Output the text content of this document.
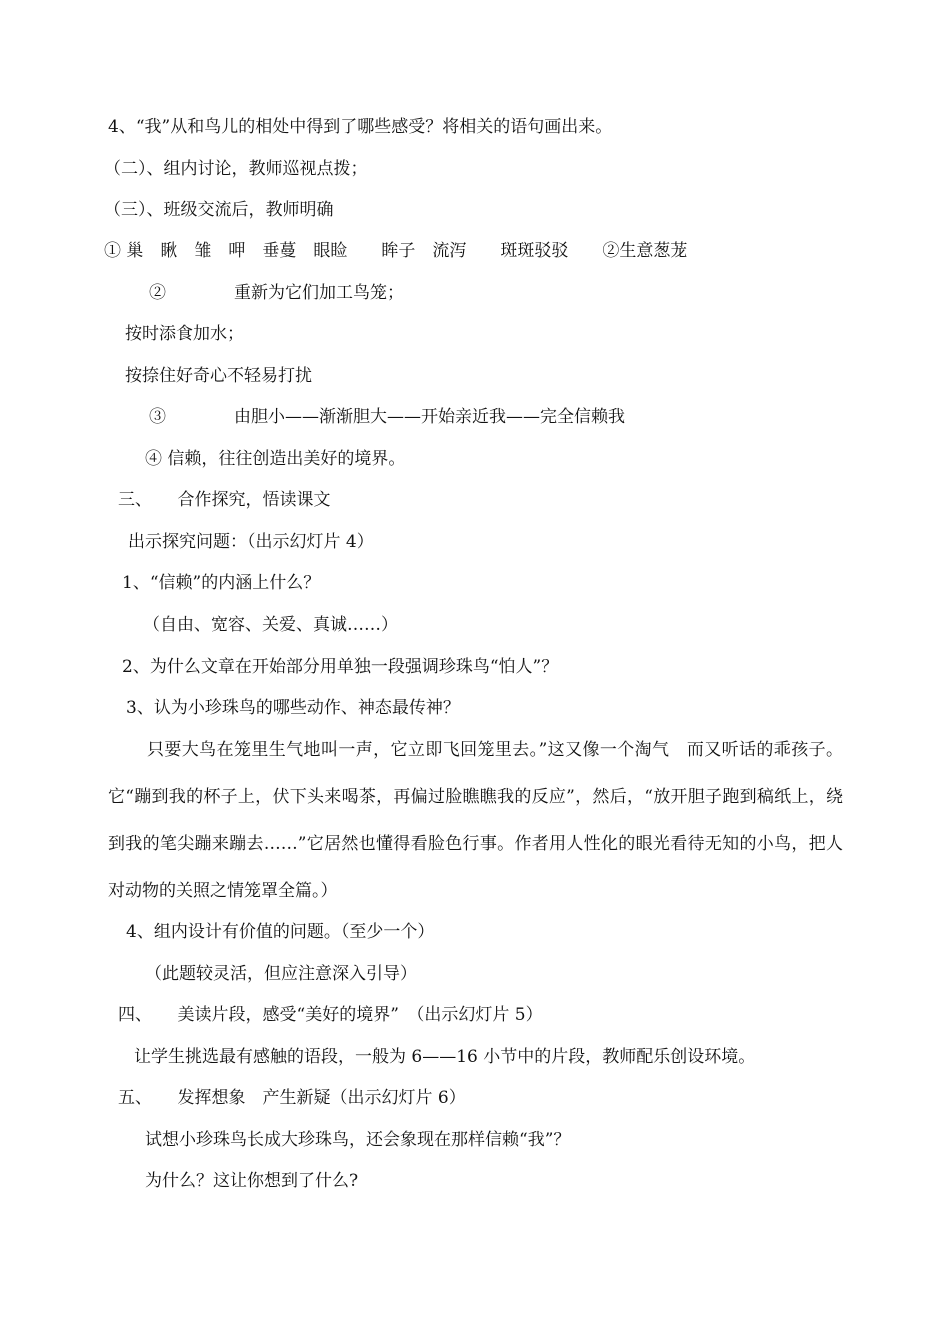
4、“我”从和鸟儿的相处中得到了哪些感受？将相关的语句画出来。
（二）、组内讨论，教师巡视点拨；
（三）、班级交流后，教师明确
① 巢　瞅　雏　呷　垂蔓　眼睑　　眸子　流泻　　斑斑驳驳　　②生意葱茏
②　　　　重新为它们加工鸟笼；
按时添食加水；
按捺住好奇心不轻易打扰
③　　　　由胆小——渐渐胆大——开始亲近我——完全信赖我
④ 信赖，往往创造出美好的境界。
三、　　合作探究，悟读课文
出示探究问题：（出示幻灯片 4）
1、“信赖”的内涵上什么？
（自由、宽容、关爱、真诚……）
2、为什么文章在开始部分用单独一段强调珍珠鸟“怕人”？
3、认为小珍珠鸟的哪些动作、神态最传神？
只要大鸟在笼里生气地叫一声，它立即飞回笼里去。”这又像一个淘气　而又听话的乖孩子。它“蹦到我的杯子上，伏下头来喝茶，再偏过脸瞧瞧我的反应”，然后，“放开胆子跑到稿纸上，绕到我的笔尖蹦来蹦去……”它居然也懂得看脸色行事。作者用人性化的眼光看待无知的小鸟，把人对动物的关照之情笼罩全篇。）
4、组内设计有价值的问题。（至少一个）
（此题较灵活，但应注意深入引导）
四、　　美读片段，感受“美好的境界”　（出示幻灯片 5）
让学生挑选最有感触的语段，一般为 6——16 小节中的片段，教师配乐创设环境。
五、　　发挥想象　产生新疑（出示幻灯片 6）
试想小珍珠鸟长成大珍珠鸟，还会象现在那样信赖“我”？
为什么？这让你想到了什么?
